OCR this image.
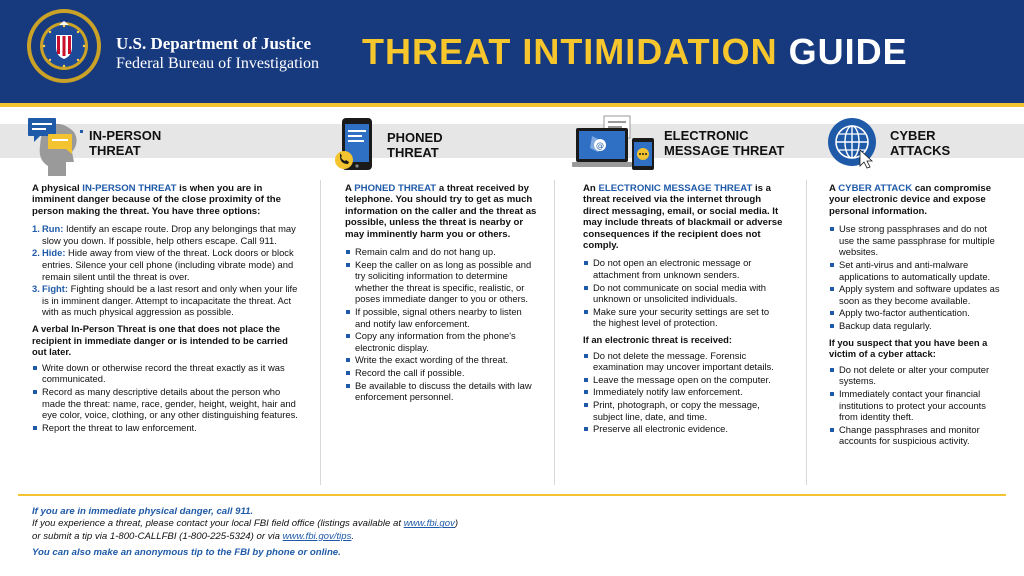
U.S. Department of Justice
Federal Bureau of Investigation THREAT INTIMIDATION GUIDE
IN-PERSON
THREAT

A physical IN-PERSON THREAT is when you are in imminent danger because of the close proximity of the person making the threat. You have three options:

1. Run: Identify an escape route. Drop any belongings that may slow you down. If possible, help others escape. Call 911.
2. Hide: Hide away from view of the threat. Lock doors or block entries. Silence your cell phone (including vibrate mode) and remain silent until the threat is over.
3. Fight: Fighting should be a last resort and only when your life is in imminent danger. Attempt to incapacitate the threat. Act with as much physical aggression as possible.

A verbal In-Person Threat is one that does not place the recipient in immediate danger or is intended to be carried out later.

Write down or otherwise record the threat exactly as it was communicated.
Record as many descriptive details about the person who made the threat: name, race, gender, height, weight, hair and eye color, voice, clothing, or any other distinguishing features.
Report the threat to law enforcement.
PHONED
THREAT

A PHONED THREAT a threat received by telephone. You should try to get as much information on the caller and the threat as possible, unless the threat is nearby or may imminently harm you or others.

Remain calm and do not hang up.
Keep the caller on as long as possible and try soliciting information to determine whether the threat is specific, realistic, or poses immediate danger to you or others.
If possible, signal others nearby to listen and notify law enforcement.
Copy any information from the phone's electronic display.
Write the exact wording of the threat.
Record the call if possible.
Be available to discuss the details with law enforcement personnel.
@
ELECTRONIC
MESSAGE THREAT

An ELECTRONIC MESSAGE THREAT is a threat received via the internet through direct messaging, email, or social media. It may include threats of blackmail or adverse consequences if the recipient does not comply.

Do not open an electronic message or attachment from unknown senders.
Do not communicate on social media with unknown or unsolicited individuals.
Make sure your security settings are set to the highest level of protection.

If an electronic threat is received:

Do not delete the message. Forensic examination may uncover important details.
Leave the message open on the computer.
Immediately notify law enforcement.
Print, photograph, or copy the message, subject line, date, and time.
Preserve all electronic evidence.
CYBER
ATTACKS

A CYBER ATTACK can compromise your electronic device and expose personal information.

Use strong passphrases and do not use the same passphrase for multiple websites.
Set anti-virus and anti-malware applications to automatically update.
Apply system and software updates as soon as they become available.
Apply two-factor authentication.
Backup data regularly.

If you suspect that you have been a victim of a cyber attack:

Do not delete or alter your computer systems.
Immediately contact your financial institutions to protect your accounts from identity theft.
Change passphrases and monitor accounts for suspicious activity.
If you are in immediate physical danger, call 911.
If you experience a threat, please contact your local FBI field office (listings available at www.fbi.gov)
or submit a tip via 1-800-CALLFBI (1-800-225-5324) or via www.fbi.gov/tips.
You can also make an anonymous tip to the FBI by phone or online.
